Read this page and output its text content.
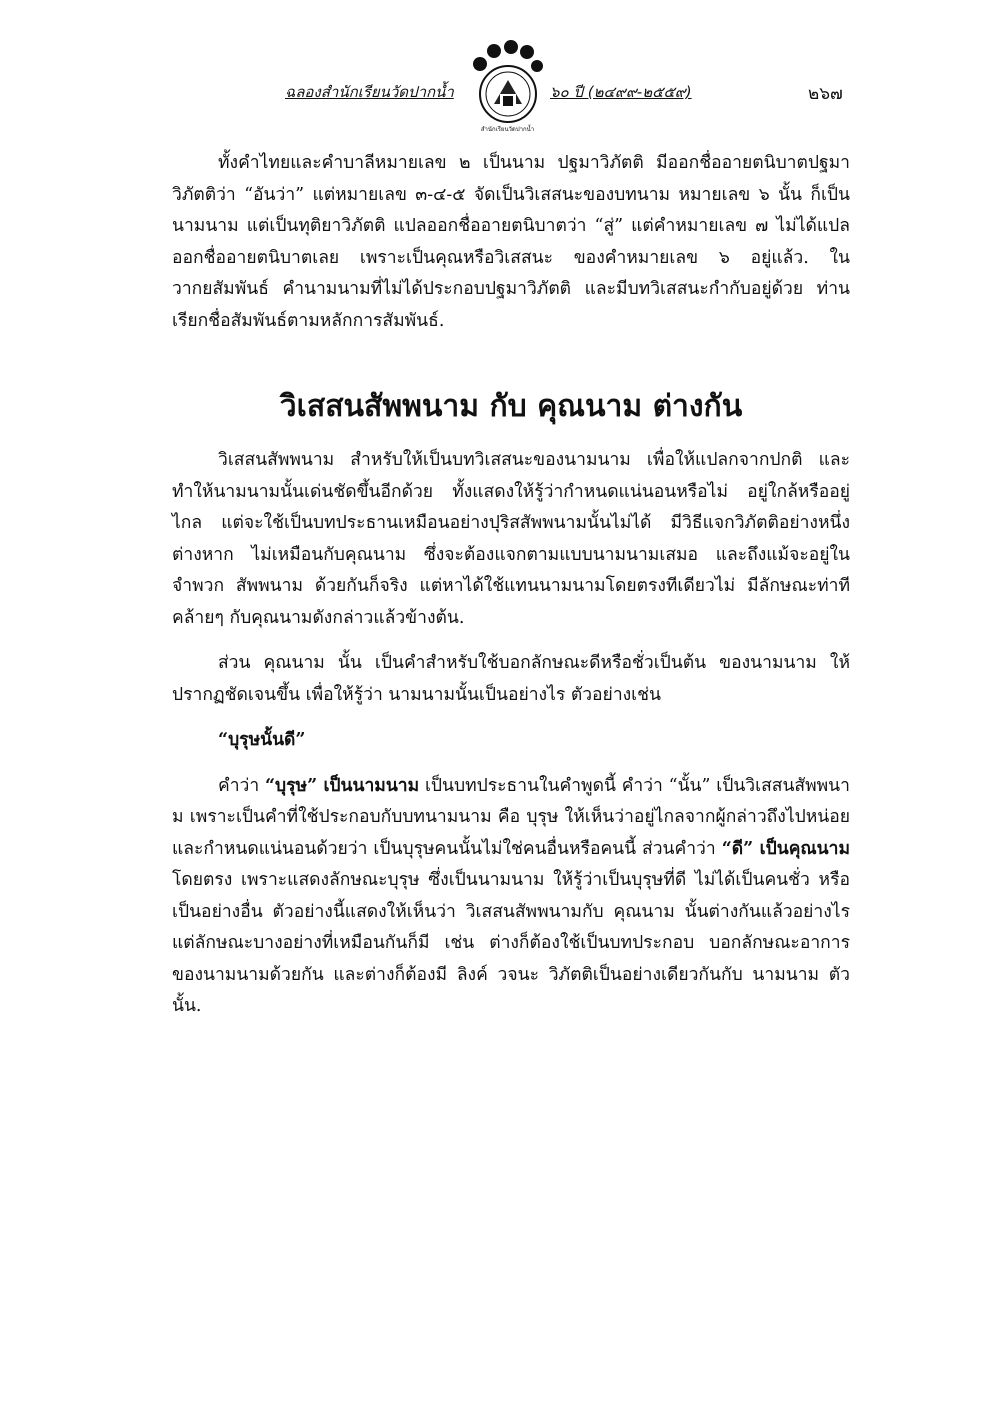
ฉลองสำนักเรียนวัดปากน้ำ
สำนักเรียนวัดปากน้ำ
๖๐ ปี (๒๔๙๙-๒๕๕๙)	๒๖๗

ทั้งคำไทยและคำบาลีหมายเลข ๒ เป็นนาม ปฐมาวิภัตติ มีออกชื่ออายตนิบาตปฐมาวิภัตติว่า “อันว่า” แต่หมายเลข ๓-๔-๕ จัดเป็นวิเสสนะของบทนาม หมายเลข ๖ นั้น ก็เป็นนามนาม แต่เป็นทุติยาวิภัตติ แปลออกชื่ออายตนิบาตว่า “สู่” แต่คำหมายเลข ๗ ไม่ได้แปลออกชื่ออายตนิบาตเลย เพราะเป็นคุณหรือวิเสสนะ ของคำหมายเลข ๖ อยู่แล้ว. ในวากยสัมพันธ์ คำนามนามที่ไม่ได้ประกอบปฐมาวิภัตติ และมีบทวิเสสนะกำกับอยู่ด้วย ท่านเรียกชื่อสัมพันธ์ตามหลักการสัมพันธ์.

วิเสสนสัพพนาม กับ คุณนาม ต่างกัน

วิเสสนสัพพนาม สำหรับให้เป็นบทวิเสสนะของนามนาม เพื่อให้แปลกจากปกติ และทำให้นามนามนั้นเด่นชัดขึ้นอีกด้วย ทั้งแสดงให้รู้ว่ากำหนดแน่นอนหรือไม่ อยู่ใกล้หรืออยู่ไกล แต่จะใช้เป็นบทประธานเหมือนอย่างปุริสสัพพนามนั้นไม่ได้ มีวิธีแจกวิภัตติอย่างหนึ่งต่างหาก ไม่เหมือนกับคุณนาม ซึ่งจะต้องแจกตามแบบนามนามเสมอ และถึงแม้จะอยู่ในจำพวก สัพพนาม ด้วยกันก็จริง แต่หาได้ใช้แทนนามนามโดยตรงทีเดียวไม่ มีลักษณะท่าทีคล้ายๆ กับคุณนามดังกล่าวแล้วข้างต้น.

ส่วน คุณนาม นั้น เป็นคำสำหรับใช้บอกลักษณะดีหรือชั่วเป็นต้น ของนามนาม ให้ปรากฏชัดเจนขึ้น เพื่อให้รู้ว่า นามนามนั้นเป็นอย่างไร ตัวอย่างเช่น

“บุรุษนั้นดี”

คำว่า “บุรุษ” เป็นนามนาม เป็นบทประธานในคำพูดนี้ คำว่า “นั้น” เป็นวิเสสนสัพพนาม เพราะเป็นคำที่ใช้ประกอบกับบทนามนาม คือ บุรุษ ให้เห็นว่าอยู่ไกลจากผู้กล่าวถึงไปหน่อย และกำหนดแน่นอนด้วยว่า เป็นบุรุษคนนั้นไม่ใช่คนอื่นหรือคนนี้ ส่วนคำว่า “ดี” เป็นคุณนาม โดยตรง เพราะแสดงลักษณะบุรุษ ซึ่งเป็นนามนาม ให้รู้ว่าเป็นบุรุษที่ดี ไม่ได้เป็นคนชั่ว หรือเป็นอย่างอื่น ตัวอย่างนี้แสดงให้เห็นว่า วิเสสนสัพพนามกับ คุณนาม นั้นต่างกันแล้วอย่างไร แต่ลักษณะบางอย่างที่เหมือนกันก็มี เช่น ต่างก็ต้องใช้เป็นบทประกอบ บอกลักษณะอาการของนามนามด้วยกัน และต่างก็ต้องมี ลิงค์ วจนะ วิภัตติเป็นอย่างเดียวกันกับ นามนาม ตัวนั้น.
